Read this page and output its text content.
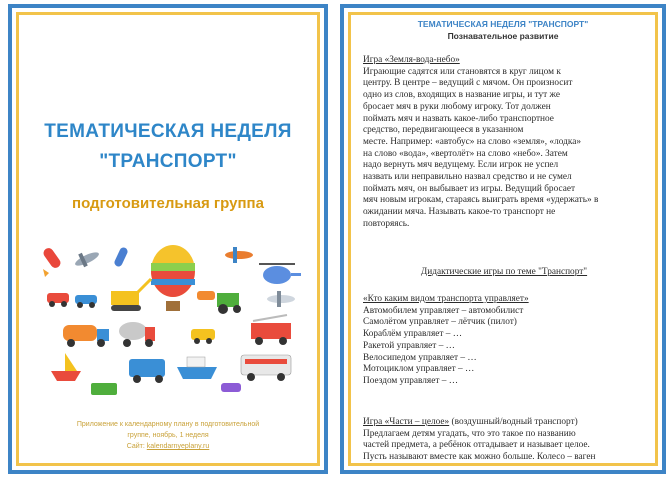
ТЕМАТИЧЕСКАЯ НЕДЕЛЯ
"ТРАНСПОРТ"
подготовительная группа
Приложение к календарному плану в подготовительной
группе, ноябрь, 1 неделя
Сайт: kalendarnyeplany.ru
ТЕМАТИЧЕСКАЯ НЕДЕЛЯ "ТРАНСПОРТ"
Познавательное развитие
Игра «Земля-вода-небо»
Играющие садятся или становятся в круг лицом к
центру. В центре – ведущий с мячом. Он произносит
одно из слов, входящих в название игры, и тут же
бросает мяч в руки любому игроку. Тот должен
поймать мяч и назвать какое-либо транспортное
средство, передвигающееся в указанном
месте. Например: «автобус» на слово «земля», «лодка»
на слово «вода», «вертолёт» на слово «небо». Затем
надо вернуть мяч ведущему. Если игрок не успел
назвать или неправильно назвал средство и не сумел
поймать мяч, он выбывает из игры. Ведущий бросает
мяч новым игрокам, стараясь выиграть время «удержать» в
ожидании мяча. Называть какое-то транспорт не
повторяясь.
Дидактические игры по теме "Транспорт"
«Кто каким видом транспорта управляет»
Автомобилем управляет – автомобилист
Самолётом управляет – лётчик (пилот)
Кораблём управляет – …
Ракетой управляет – …
Велосипедом управляет – …
Мотоциклом управляет – …
Поездом управляет – …
Игра «Части – целое» (воздушный/водный транспорт)
Предлагаем детям угадать, что это такое по названию
частей предмета, а ребёнок отгадывает и называет целое.
Пусть называют вместе как можно больше. Колесо – ваген
